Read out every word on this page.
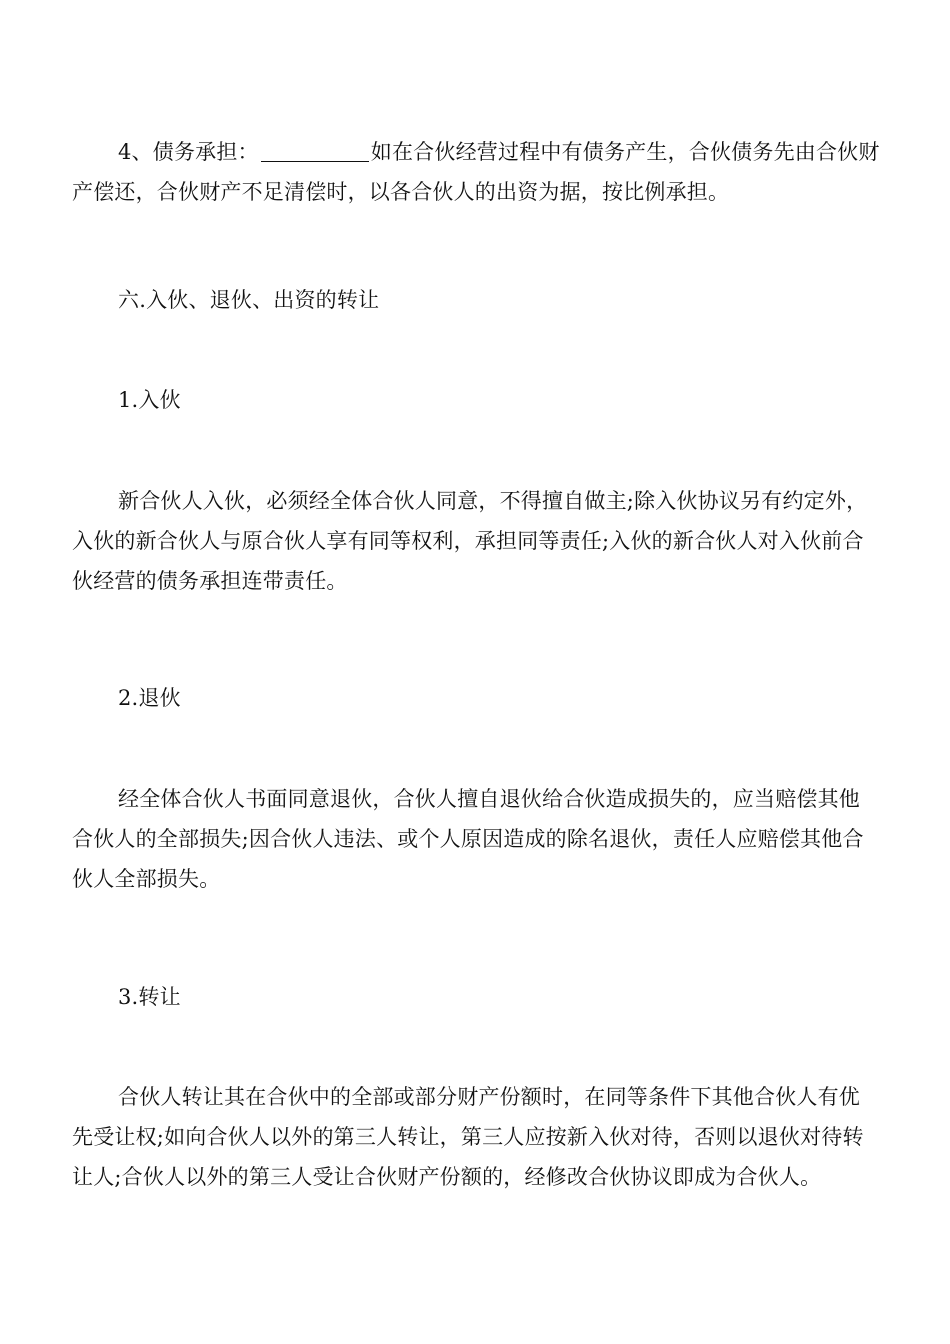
4、债务承担：	如在合伙经营过程中有债务产生，合伙债务先由合伙财产偿还，合伙财产不足清偿时，以各合伙人的出资为据，按比例承担。

六.入伙、退伙、出资的转让

1.入伙

新合伙人入伙，必须经全体合伙人同意，不得擅自做主;除入伙协议另有约定外，入伙的新合伙人与原合伙人享有同等权利，承担同等责任;入伙的新合伙人对入伙前合伙经营的债务承担连带责任。

2.退伙

经全体合伙人书面同意退伙，合伙人擅自退伙给合伙造成损失的，应当赔偿其他合伙人的全部损失;因合伙人违法、或个人原因造成的除名退伙，责任人应赔偿其他合伙人全部损失。

3.转让

合伙人转让其在合伙中的全部或部分财产份额时，在同等条件下其他合伙人有优先受让权;如向合伙人以外的第三人转让，第三人应按新入伙对待，否则以退伙对待转让人;合伙人以外的第三人受让合伙财产份额的，经修改合伙协议即成为合伙人。
